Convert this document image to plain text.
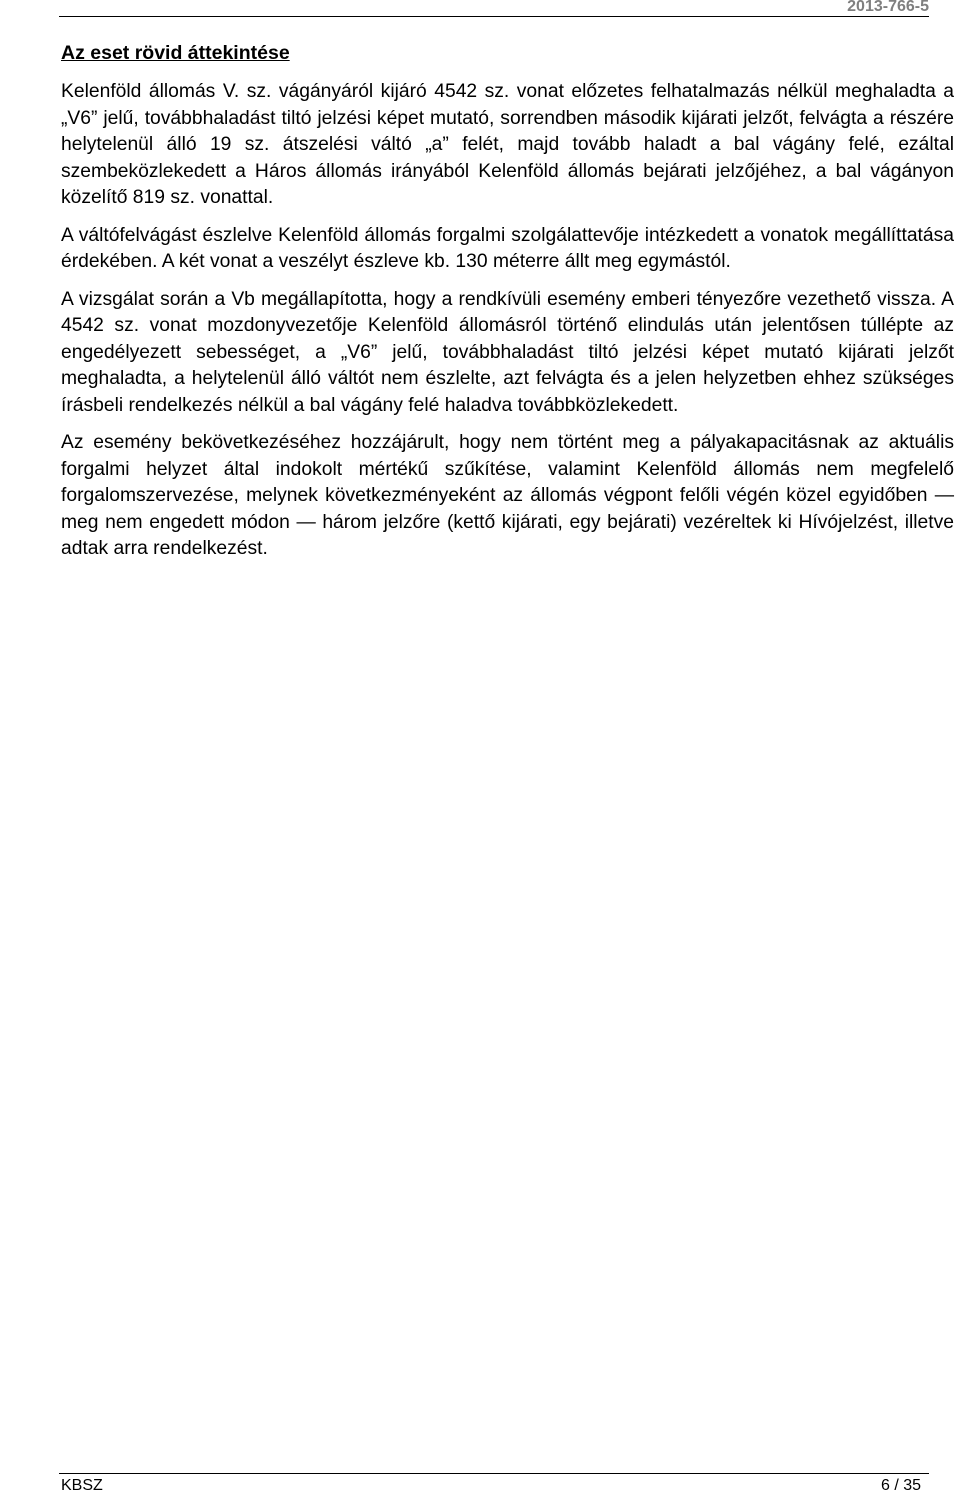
2013-766-5
Az eset rövid áttekintése

Kelenföld állomás V. sz. vágányáról kijáró 4542 sz. vonat előzetes felhatalmazás nélkül meghaladta a „V6” jelű, továbbhaladást tiltó jelzési képet mutató, sorrendben második kijárati jelzőt, felvágta a részére helytelenül álló 19 sz. átszelési váltó „a” felét, majd tovább haladt a bal vágány felé, ezáltal szembeközlekedett a Háros állomás irányából Kelenföld állomás bejárati jelzőjéhez, a bal vágányon közelítő 819 sz. vonattal.

A váltófelvágást észlelve Kelenföld állomás forgalmi szolgálattevője intézkedett a vonatok megállíttatása érdekében. A két vonat a veszélyt észleve kb. 130 méterre állt meg egymástól.

A vizsgálat során a Vb megállapította, hogy a rendkívüli esemény emberi tényezőre vezethető vissza. A 4542 sz. vonat mozdonyvezetője Kelenföld állomásról történő elindulás után jelentősen túllépte az engedélyezett sebességet, a „V6” jelű, továbbhaladást tiltó jelzési képet mutató kijárati jelzőt meghaladta, a helytelenül álló váltót nem észlelte, azt felvágta és a jelen helyzetben ehhez szükséges írásbeli rendelkezés nélkül a bal vágány felé haladva továbbközlekedett.

Az esemény bekövetkezéséhez hozzájárult, hogy nem történt meg a pályakapacitásnak az aktuális forgalmi helyzet által indokolt mértékű szűkítése, valamint Kelenföld állomás nem megfelelő forgalomszervezése, melynek következményeként az állomás végpont felőli végén közel egyidőben — meg nem engedett módon — három jelzőre (kettő kijárati, egy bejárati) vezéreltek ki Hívójelzést, illetve adtak arra rendelkezést.

KBSZ	6 / 35
